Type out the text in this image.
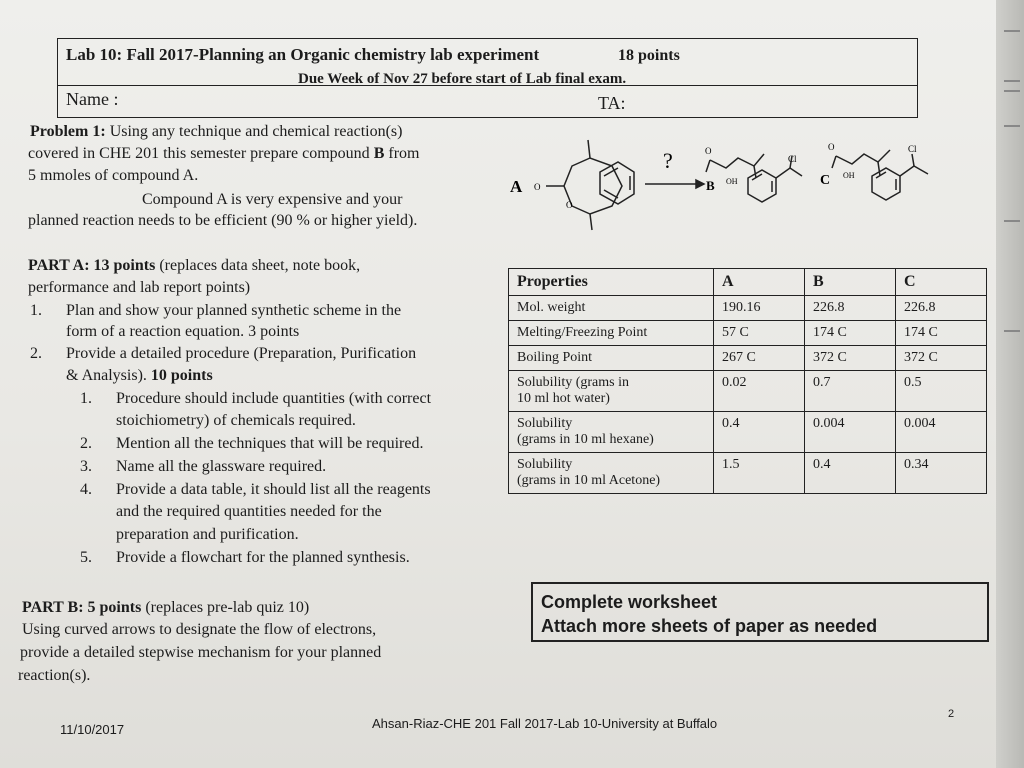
Lab 10: Fall 2017-Planning an Organic chemistry lab experiment	18 points
Due Week of Nov 27 before start of Lab final exam.
Name :	TA:
Problem 1: Using any technique and chemical reaction(s)
covered in CHE 201 this semester prepare compound B from
5 mmoles of compound A.
Compound A is very expensive and your
planned reaction needs to be efficient (90 % or higher yield).
A O
O
?
B
O
OH
Cl
C
O
OH
Cl
PART A: 13 points (replaces data sheet, note book,
performance and lab report points)
1. Plan and show your planned synthetic scheme in the
form of a reaction equation. 3 points
2. Provide a detailed procedure (Preparation, Purification
& Analysis). 10 points
1. Procedure should include quantities (with correct
stoichiometry) of chemicals required.
2. Mention all the techniques that will be required.
3. Name all the glassware required.
4. Provide a data table, it should list all the reagents
and the required quantities needed for the
preparation and purification.
5. Provide a flowchart for the planned synthesis.
PART B: 5 points (replaces pre-lab quiz 10)
Using curved arrows to designate the flow of electrons,
provide a detailed stepwise mechanism for your planned
reaction(s).
Properties	A	B	C

Mol. weight	190.16	226.8	226.8

Melting/Freezing Point	57 C	174 C	174 C

Boiling Point	267 C	372 C	372 C

Solubility (grams in
10 ml hot water)	0.02	0.7	0.5

Solubility
(grams in 10 ml hexane)	0.4	0.004	0.004

Solubility
(grams in 10 ml Acetone)	1.5	0.4	0.34
Complete worksheet
Attach more sheets of paper as needed
11/10/2017	Ahsan-Riaz-CHE 201 Fall 2017-Lab 10-University at Buffalo
2
